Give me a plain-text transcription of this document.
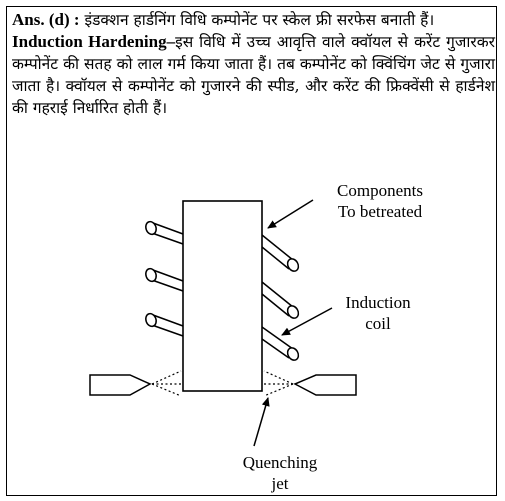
Ans. (d) : इंडक्शन हार्डनिंग विधि कम्पोनेंट पर स्केल फ्री सरफेस बनाती हैं।

Induction Hardening–इस विधि में उच्च आवृत्ति वाले क्वॉयल से करेंट गुजारकर कम्पोनेंट की सतह को लाल गर्म किया जाता हैं। तब कम्पोनेंट को क्विंचिंग जेट से गुजारा जाता है। क्वॉयल से कम्पोनेंट को गुजारने की स्पीड, और करेंट की फ्रिक्वेंसी से हार्डनेश की गहराई निर्धारित होती हैं।

Components
To betreated
Induction
coil
Quenching
jet
